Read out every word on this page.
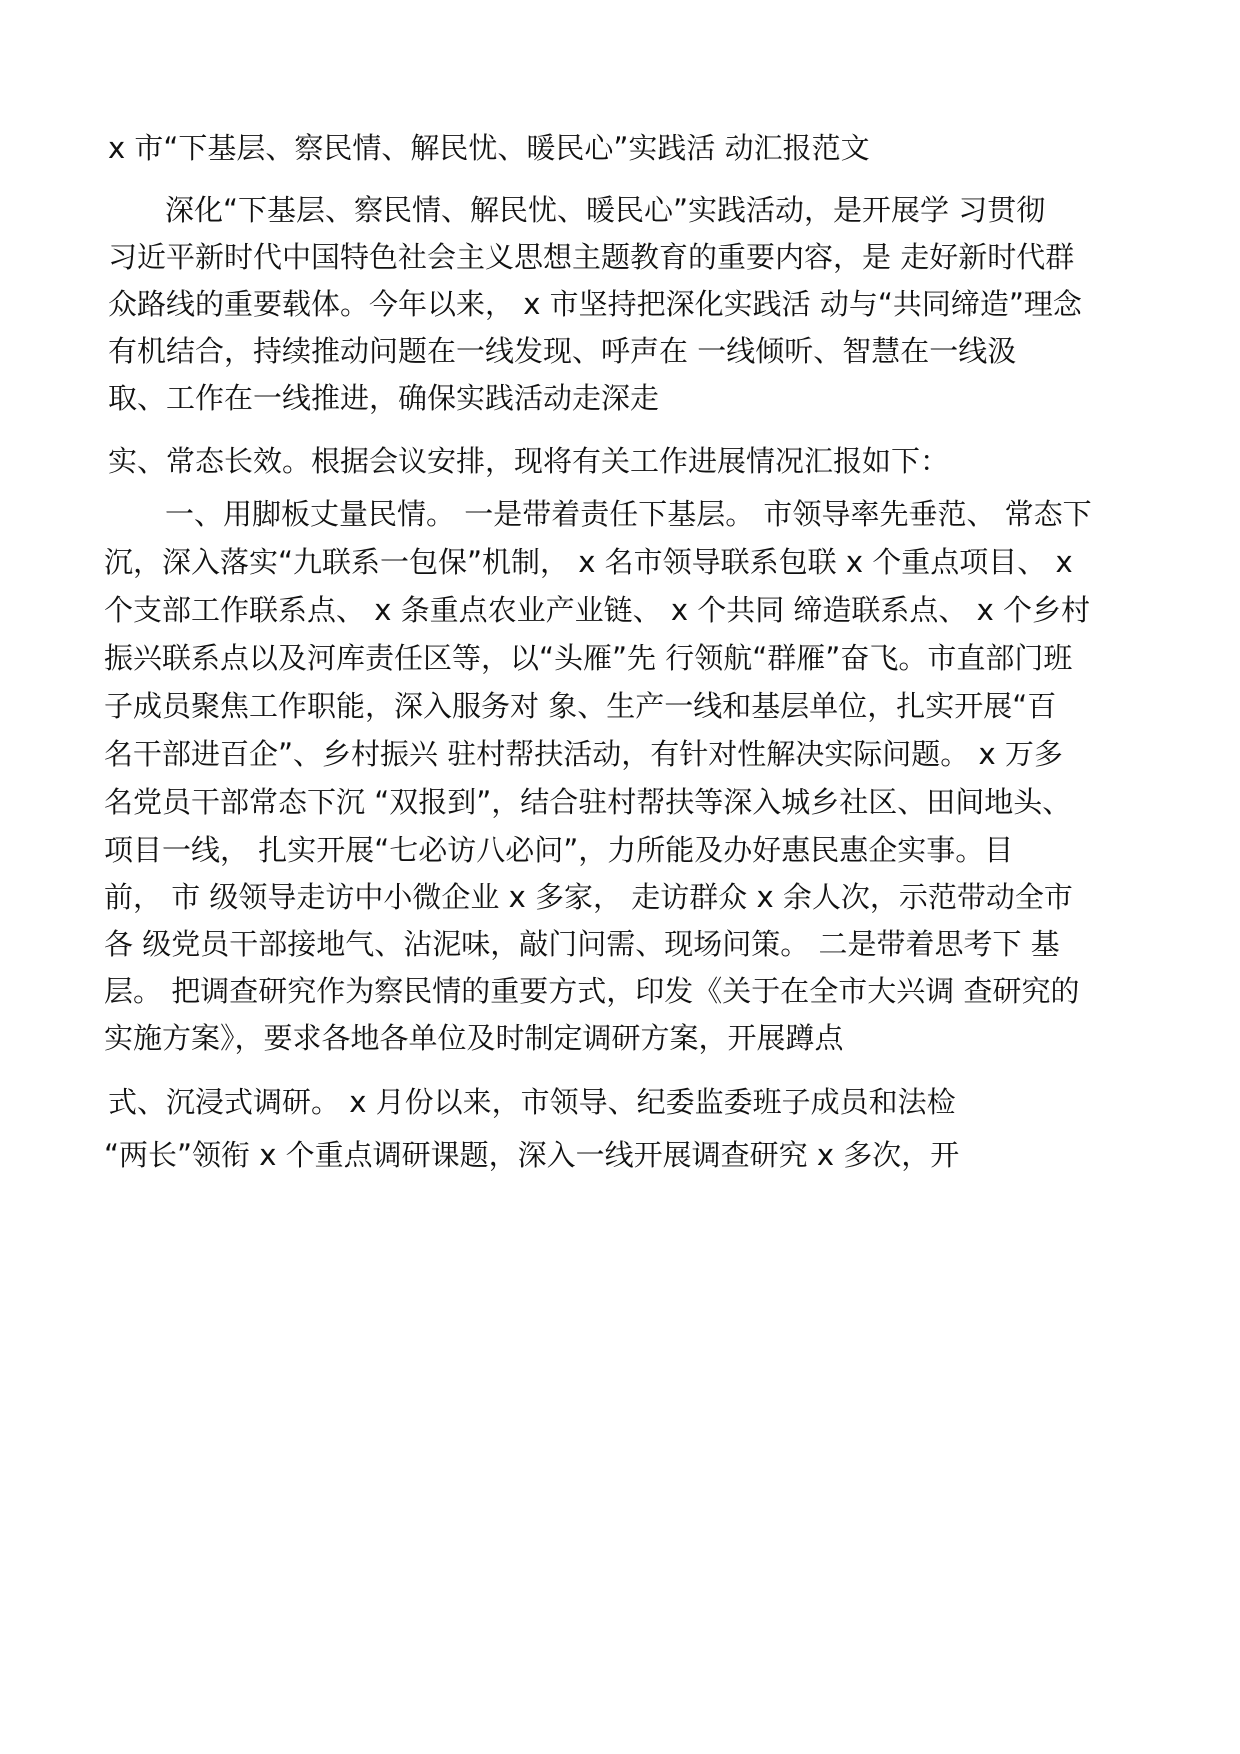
x 市“下基层、察民情、解民忧、暖民心”实践活 动汇报范文
深化“下基层、察民情、解民忧、暖民心”实践活动，是开展学 习贯彻
习近平新时代中国特色社会主义思想主题教育的重要内容，是 走好新时代群
众路线的重要载体。今年以来， x 市坚持把深化实践活 动与“共同缔造”理念
有机结合，持续推动问题在一线发现、呼声在 一线倾听、智慧在一线汲
取、工作在一线推进，确保实践活动走深走
实、常态长效。根据会议安排，现将有关工作进展情况汇报如下：
一、用脚板丈量民情。 一是带着责任下基层。 市领导率先垂范、 常态下
沉，深入落实“九联系一包保”机制， x 名市领导联系包联 x 个重点项目、 x
个支部工作联系点、 x 条重点农业产业链、 x 个共同 缔造联系点、 x 个乡村
振兴联系点以及河库责任区等，以“头雁”先 行领航“群雁”奋飞。市直部门班
子成员聚焦工作职能，深入服务对 象、生产一线和基层单位，扎实开展“百
名干部进百企”、乡村振兴 驻村帮扶活动，有针对性解决实际问题。 x 万多
名党员干部常态下沉 “双报到”，结合驻村帮扶等深入城乡社区、田间地头、
项目一线， 扎实开展“七必访八必问”，力所能及办好惠民惠企实事。目
前， 市 级领导走访中小微企业 x 多家， 走访群众 x 余人次，示范带动全市
各 级党员干部接地气、沾泥味，敲门问需、现场问策。 二是带着思考下 基
层。 把调查研究作为察民情的重要方式，印发《关于在全市大兴调 查研究的
实施方案》，要求各地各单位及时制定调研方案，开展蹲点
式、沉浸式调研。 x 月份以来，市领导、纪委监委班子成员和法检
“两长”领衔 x 个重点调研课题，深入一线开展调查研究 x 多次，开
